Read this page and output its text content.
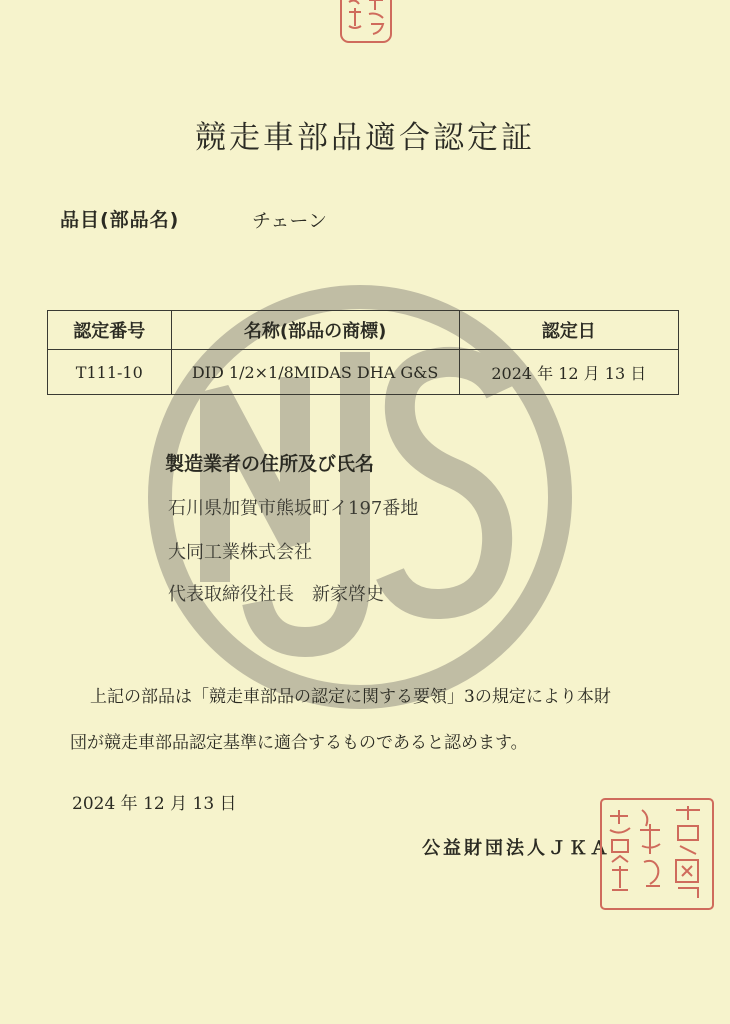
競走車部品適合認定証
品目(部品名)	チェーン
認定番号	名称(部品の商標)	認定日
T111-10	DID 1/2×1/8MIDAS DHA G&S	2024 年 12 月 13 日
製造業者の住所及び氏名
石川県加賀市熊坂町イ197番地
大同工業株式会社
代表取締役社長　新家啓史
上記の部品は「競走車部品の認定に関する要領」3の規定により本財
団が競走車部品認定基準に適合するものであると認めます。
2024 年 12 月 13 日
公益財団法人ＪＫＡ
